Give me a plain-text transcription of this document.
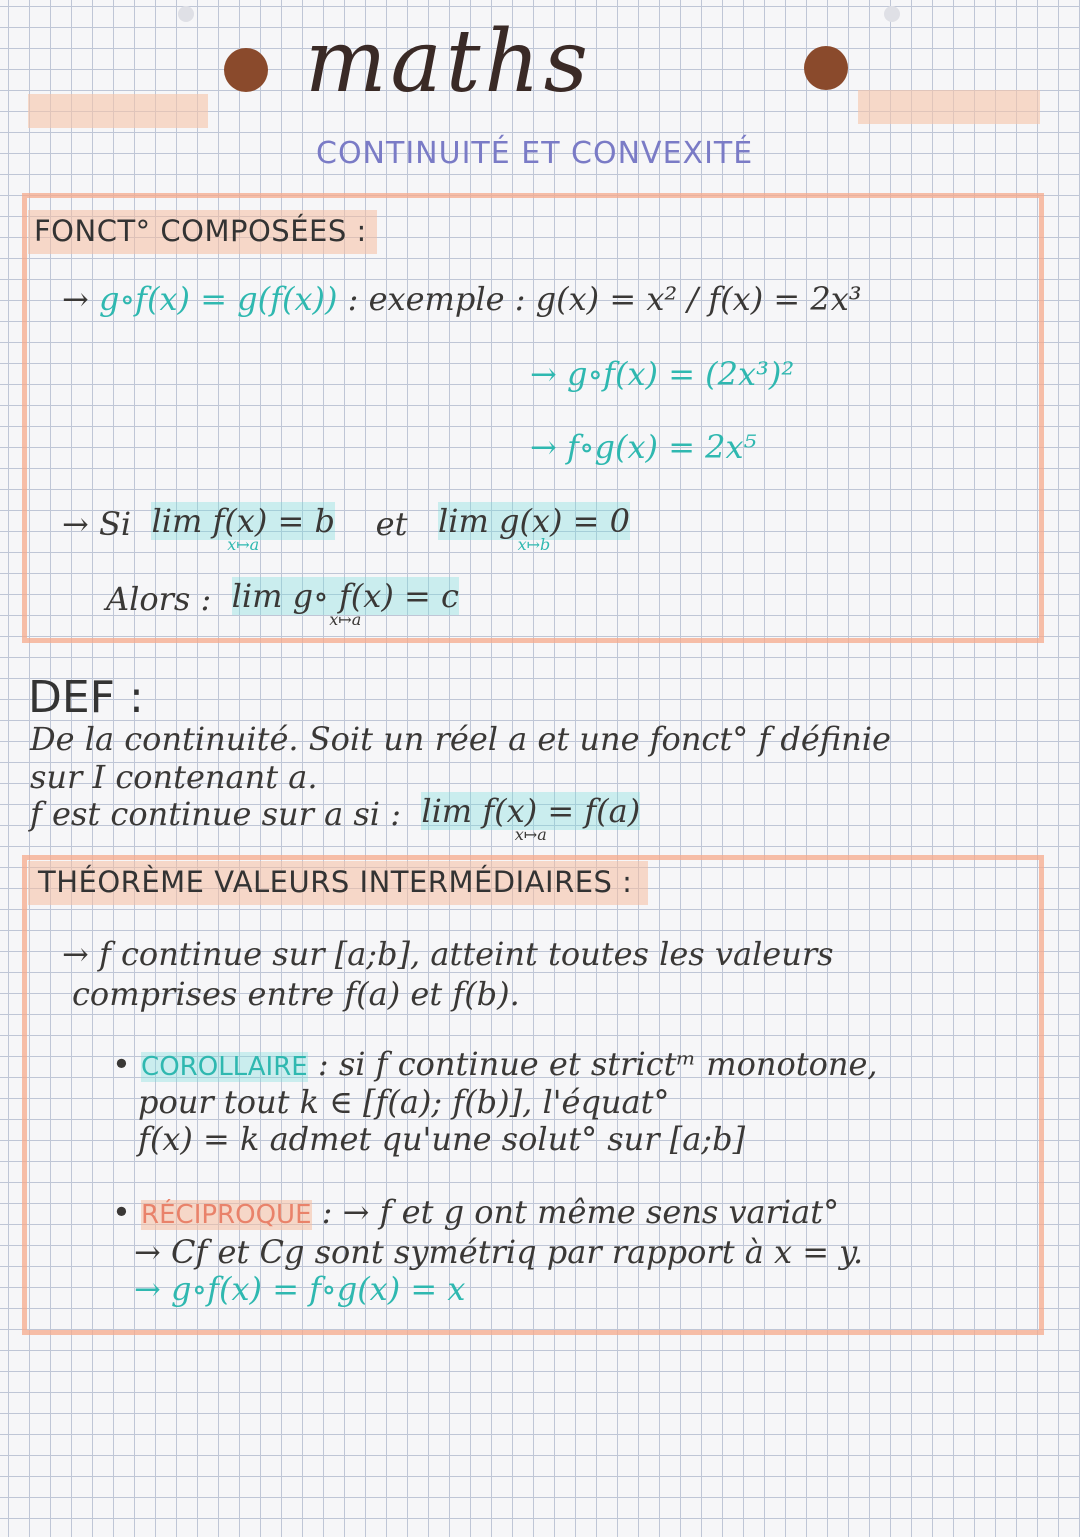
maths
CONTINUITÉ ET CONVEXITÉ
FONCT° COMPOSÉES :
→ g∘f(x) = g(f(x)) : exemple : g(x) = x² / f(x) = 2x³
→ g∘f(x) = (2x³)²
→ f∘g(x) = 2x⁵
→ Si lim f(x) = b
x↦a
et lim g(x) = 0
x↦b
Alors : lim g∘ f(x) = c
x↦a
DEF :
De la continuité. Soit un réel a et une fonct° f définie
sur I contenant a.
f est continue sur a si : lim f(x) = f(a)
x↦a
THÉORÈME VALEURS INTERMÉDIAIRES :
→ f continue sur [a;b], atteint toutes les valeurs
comprises entre f(a) et f(b).
• COROLLAIRE : si f continue et strictᵐ monotone,
pour tout k ∈ [f(a); f(b)], l'équat°
f(x) = k admet qu'une solut° sur [a;b]
• RÉCIPROQUE : → f et g ont même sens variat°
→ Cf et Cg sont symétriq par rapport à x = y.
→ g∘f(x) = f∘g(x) = x
